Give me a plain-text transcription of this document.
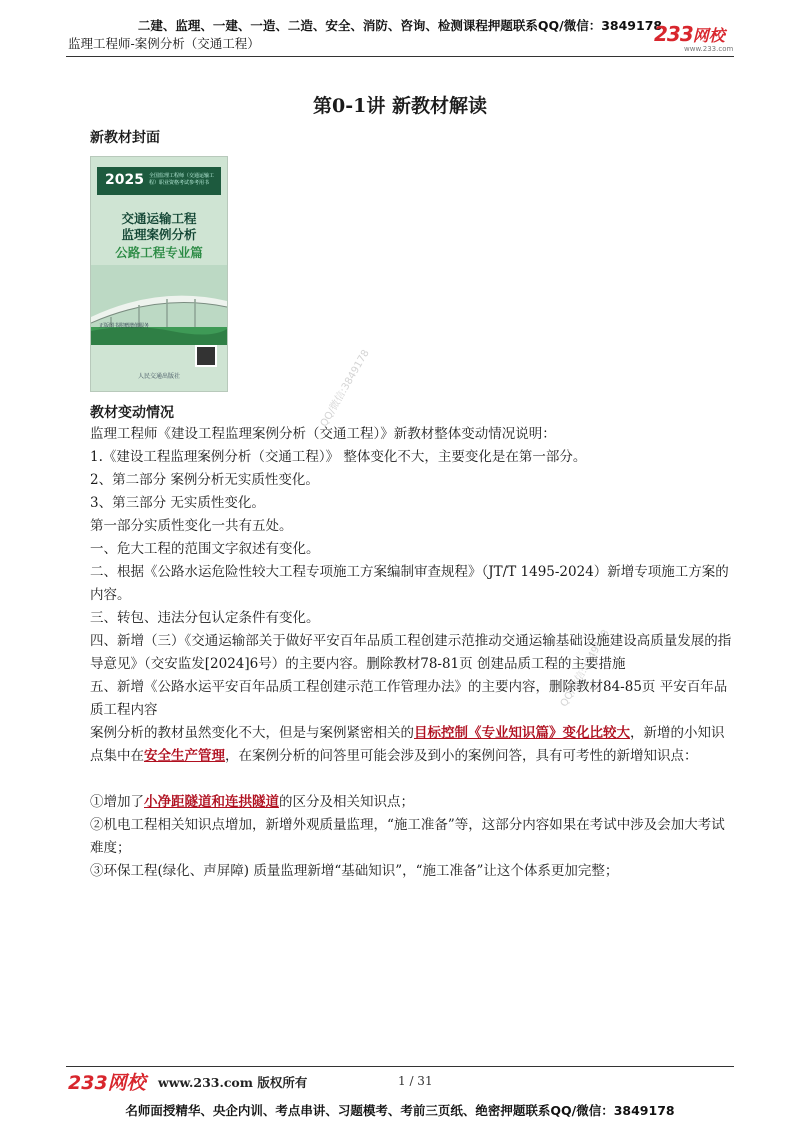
二建、监理、一建、一造、二造、安全、消防、咨询、检测课程押题联系QQ/微信：3849178
监理工程师-案例分析（交通工程）	233网校
www.233.com
第0-1讲 新教材解读
新教材封面
2025 全国监理工程师（交通运输工程）职业资格考试参考用书
交通运输工程
监理案例分析
公路工程专业篇
正版图书附赠增值服务
人民交通出版社	QQ/微信:3849178
QQ/微信:3849178
教材变动情况
监理工程师《建设工程监理案例分析（交通工程）》新教材整体变动情况说明：
1.《建设工程监理案例分析（交通工程）》 整体变化不大，主要变化是在第一部分。
2、第二部分 案例分析无实质性变化。
3、第三部分 无实质性变化。
第一部分实质性变化一共有五处。
一、危大工程的范围文字叙述有变化。
二、根据《公路水运危险性较大工程专项施工方案编制审查规程》（JT/T 1495-2024）新增专项施工方案的内容。
三、转包、违法分包认定条件有变化。
四、新增（三）《交通运输部关于做好平安百年品质工程创建示范推动交通运输基础设施建设高质量发展的指导意见》（交安监发[2024]6号）的主要内容。删除教材78-81页 创建品质工程的主要措施
五、新增《公路水运平安百年品质工程创建示范工作管理办法》的主要内容，删除教材84-85页 平安百年品质工程内容
案例分析的教材虽然变化不大，但是与案例紧密相关的目标控制《专业知识篇》变化比较大，新增的小知识点集中在安全生产管理，在案例分析的问答里可能会涉及到小的案例问答，具有可考性的新增知识点：
①增加了小净距隧道和连拱隧道的区分及相关知识点；
②机电工程相关知识点增加，新增外观质量监理，“施工准备”等，这部分内容如果在考试中涉及会加大考试难度；
③环保工程(绿化、声屏障) 质量监理新增“基础知识”，“施工准备”让这个体系更加完整；
233网校 www.233.com 版权所有	1 / 31
名师面授精华、央企内训、考点串讲、习题模考、考前三页纸、绝密押题联系QQ/微信：3849178
